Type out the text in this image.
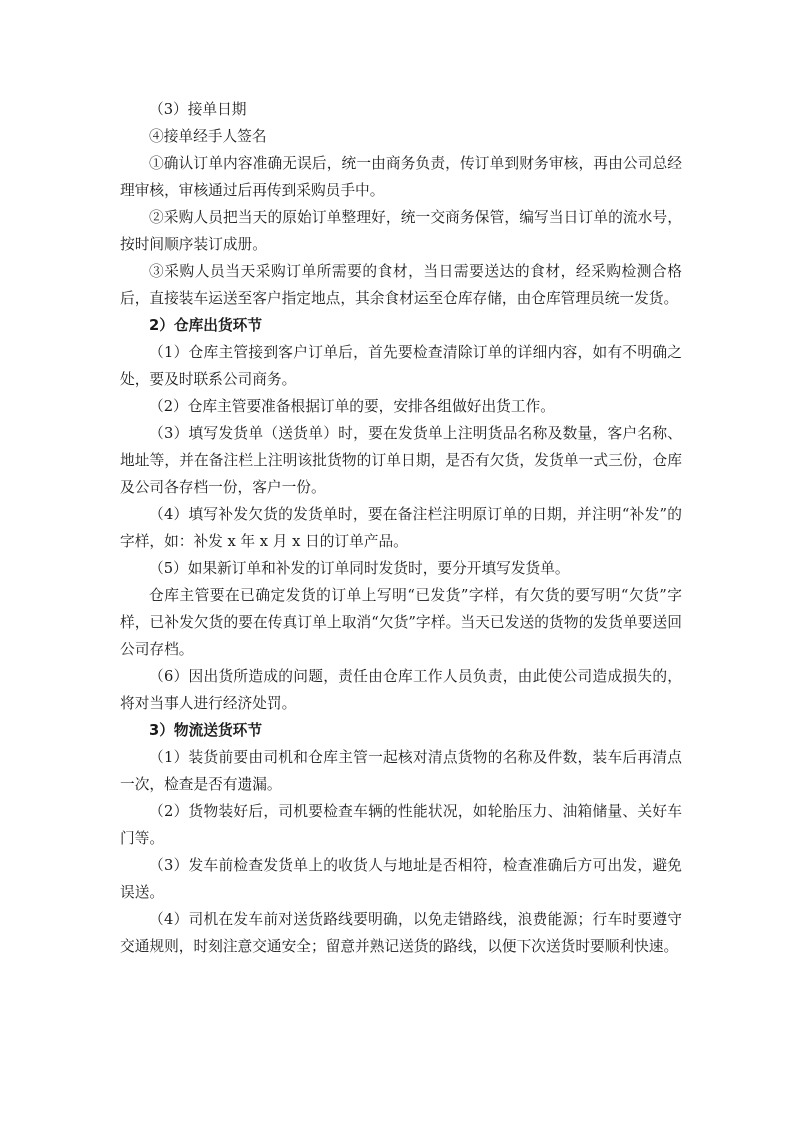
（3）接单日期

④接单经手人签名

①确认订单内容准确无误后，统一由商务负责，传订单到财务审核，再由公司总经理审核，审核通过后再传到采购员手中。

②采购人员把当天的原始订单整理好，统一交商务保管，编写当日订单的流水号，按时间顺序装订成册。

③采购人员当天采购订单所需要的食材，当日需要送达的食材，经采购检测合格后，直接装车运送至客户指定地点，其余食材运至仓库存储，由仓库管理员统一发货。

2）仓库出货环节

（1）仓库主管接到客户订单后，首先要检查清除订单的详细内容，如有不明确之处，要及时联系公司商务。

（2）仓库主管要准备根据订单的要，安排各组做好出货工作。

（3）填写发货单（送货单）时，要在发货单上注明货品名称及数量，客户名称、地址等，并在备注栏上注明该批货物的订单日期，是否有欠货，发货单一式三份，仓库及公司各存档一份，客户一份。

（4）填写补发欠货的发货单时，要在备注栏注明原订单的日期，并注明“补发”的字样，如：补发 x 年 x 月 x 日的订单产品。

（5）如果新订单和补发的订单同时发货时，要分开填写发货单。

仓库主管要在已确定发货的订单上写明“已发货”字样，有欠货的要写明“欠货”字样，已补发欠货的要在传真订单上取消“欠货”字样。当天已发送的货物的发货单要送回公司存档。

（6）因出货所造成的问题，责任由仓库工作人员负责，由此使公司造成损失的，将对当事人进行经济处罚。

3）物流送货环节

（1）装货前要由司机和仓库主管一起核对清点货物的名称及件数，装车后再清点一次，检查是否有遗漏。

（2）货物装好后，司机要检查车辆的性能状况，如轮胎压力、油箱储量、关好车门等。

（3）发车前检查发货单上的收货人与地址是否相符，检查准确后方可出发，避免误送。

（4）司机在发车前对送货路线要明确，以免走错路线，浪费能源；行车时要遵守交通规则，时刻注意交通安全；留意并熟记送货的路线，以便下次送货时要顺利快速。
